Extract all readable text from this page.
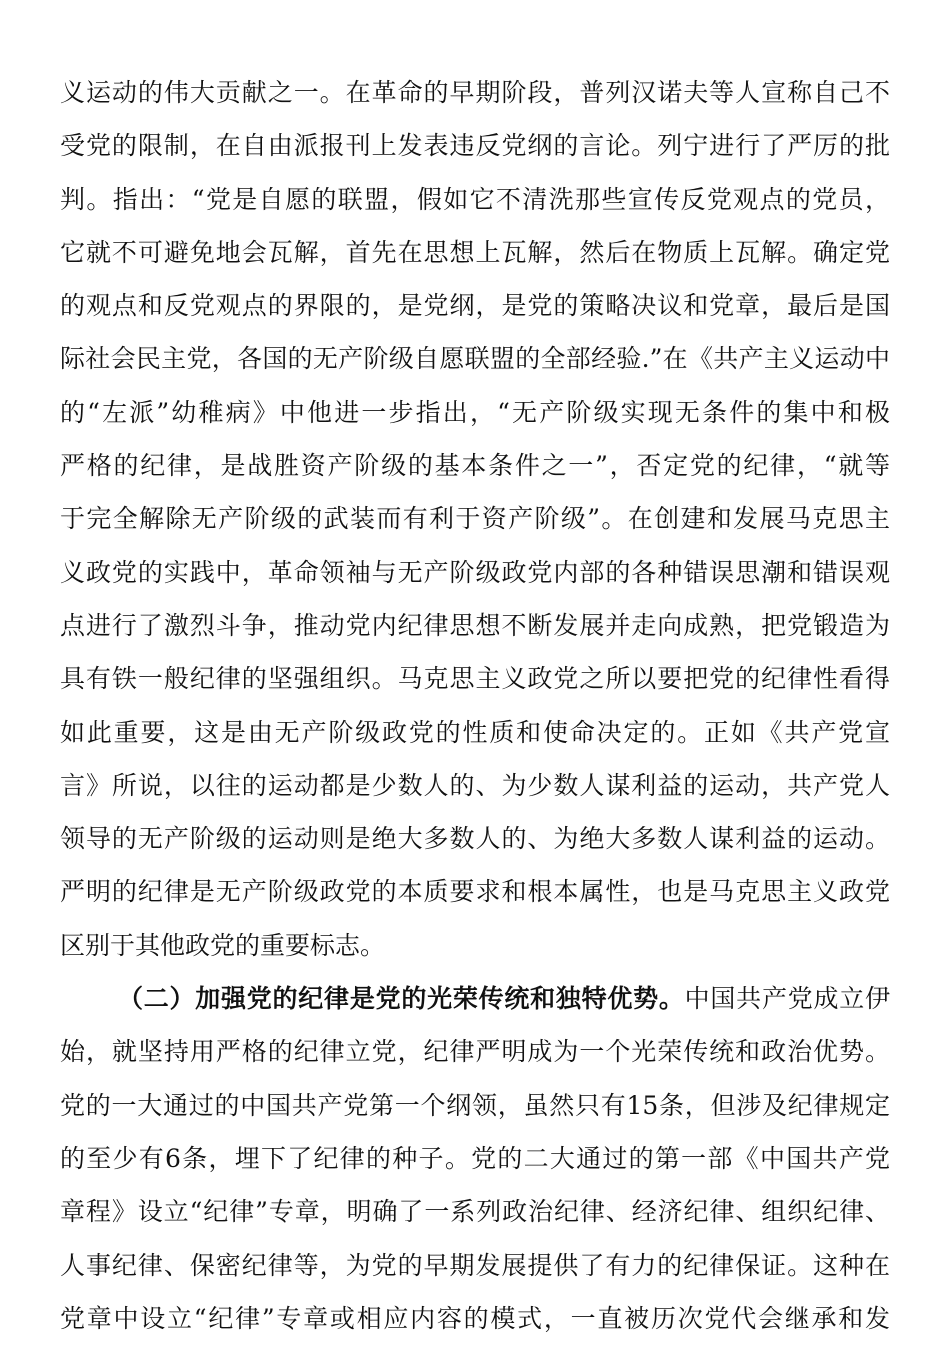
义运动的伟大贡献之一。在革命的早期阶段，普列汉诺夫等人宣称自己不
受党的限制，在自由派报刊上发表违反党纲的言论。列宁进行了严厉的批
判。指出：“党是自愿的联盟，假如它不清洗那些宣传反党观点的党员，
它就不可避免地会瓦解，首先在思想上瓦解，然后在物质上瓦解。确定党
的观点和反党观点的界限的，是党纲，是党的策略决议和党章，最后是国
际社会民主党，各国的无产阶级自愿联盟的全部经验.”在《共产主义运动中
的“左派”幼稚病》中他进一步指出，“无产阶级实现无条件的集中和极
严格的纪律，是战胜资产阶级的基本条件之一”，否定党的纪律，“就等
于完全解除无产阶级的武装而有利于资产阶级”。在创建和发展马克思主
义政党的实践中，革命领袖与无产阶级政党内部的各种错误思潮和错误观
点进行了激烈斗争，推动党内纪律思想不断发展并走向成熟，把党锻造为
具有铁一般纪律的坚强组织。马克思主义政党之所以要把党的纪律性看得
如此重要，这是由无产阶级政党的性质和使命决定的。正如《共产党宣
言》所说，以往的运动都是少数人的、为少数人谋利益的运动，共产党人
领导的无产阶级的运动则是绝大多数人的、为绝大多数人谋利益的运动。
严明的纪律是无产阶级政党的本质要求和根本属性，也是马克思主义政党
区别于其他政党的重要标志。
（二）加强党的纪律是党的光荣传统和独特优势。中国共产党成立伊
始，就坚持用严格的纪律立党，纪律严明成为一个光荣传统和政治优势。
党的一大通过的中国共产党第一个纲领，虽然只有15条，但涉及纪律规定
的至少有6条，埋下了纪律的种子。党的二大通过的第一部《中国共产党
章程》设立“纪律”专章，明确了一系列政治纪律、经济纪律、组织纪律、
人事纪律、保密纪律等，为党的早期发展提供了有力的纪律保证。这种在
党章中设立“纪律”专章或相应内容的模式，一直被历次党代会继承和发
